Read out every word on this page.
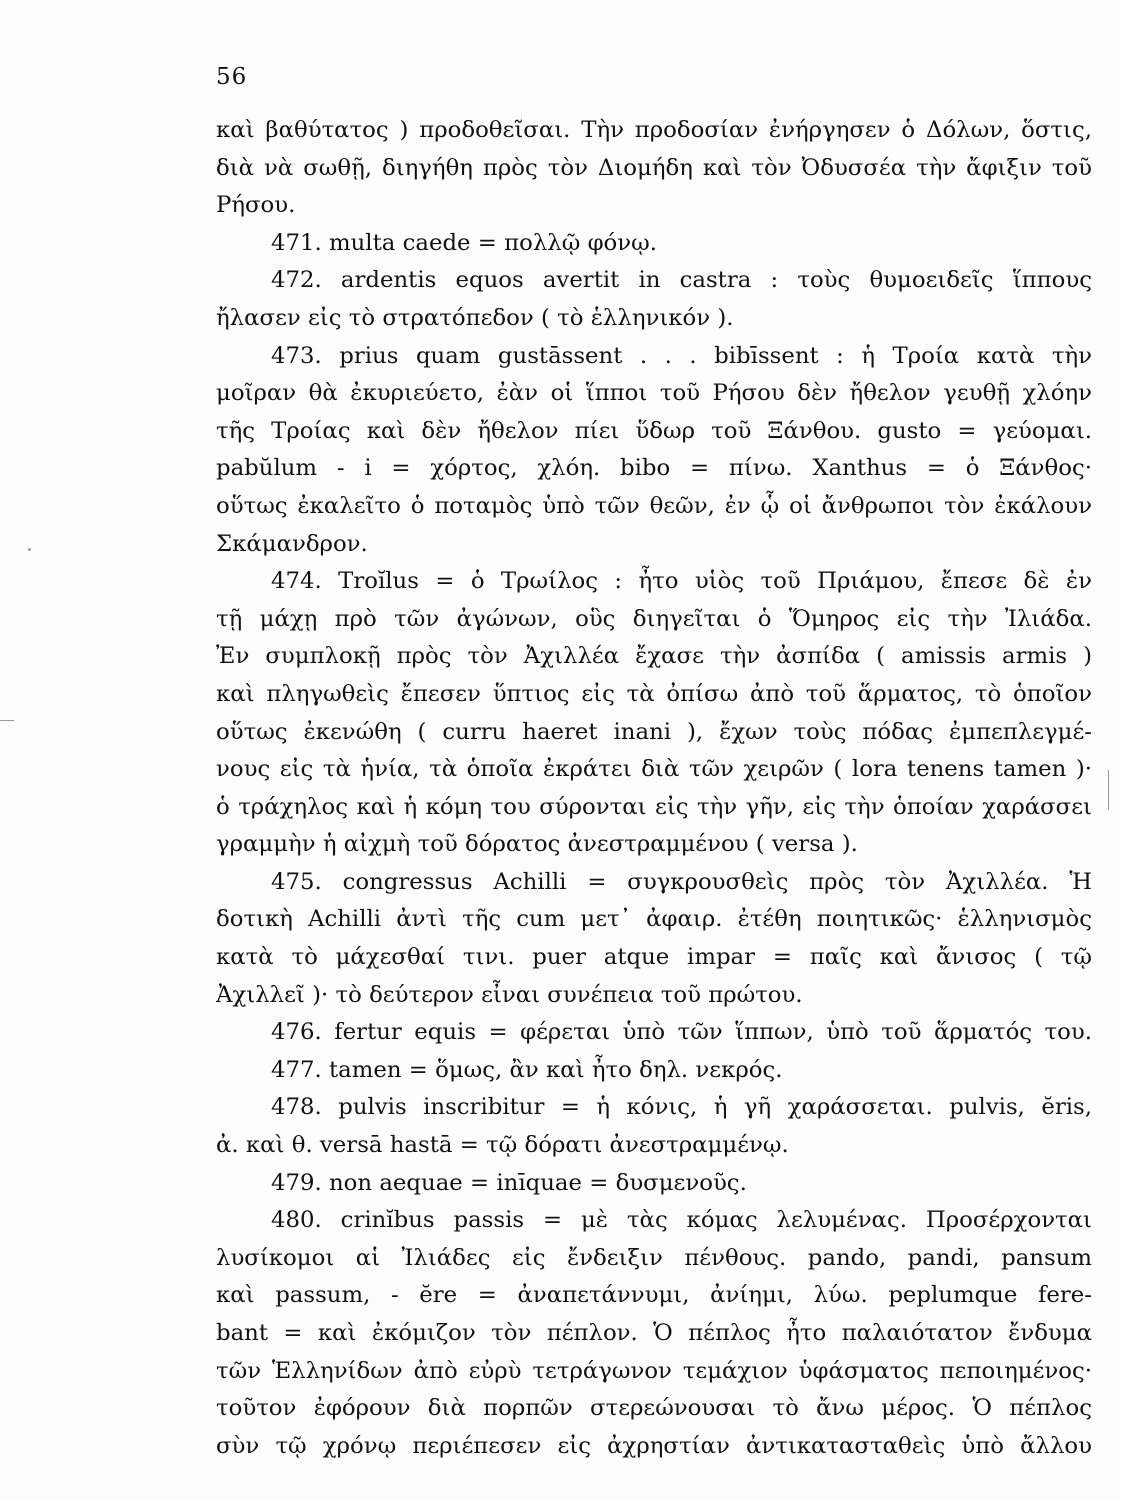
56
καὶ βαθύτατος ) προδοθεῖσαι. Τὴν προδοσίαν ἐνήργησεν ὁ Δόλων, ὅστις,
διὰ νὰ σωθῇ, διηγήθη πρὸς τὸν Διομήδη καὶ τὸν Ὀδυσσέα τὴν ἄφιξιν τοῦ
Ρήσου.
471. multa caede = πολλῷ φόνῳ.
472. ardentis equos avertit in castra : τοὺς θυμοειδεῖς ἵππους
ἤλασεν εἰς τὸ στρατόπεδον ( τὸ ἑλληνικόν ).
473. prius quam gustāssent . . . bibīssent : ἡ Τροία κατὰ τὴν
μοῖραν θὰ ἐκυριεύετο, ἐὰν οἱ ἵπποι τοῦ Ρήσου δὲν ἤθελον γευθῇ χλόην
τῆς Τροίας καὶ δὲν ἤθελον πίει ὕδωρ τοῦ Ξάνθου. gusto = γεύομαι.
pabŭlum - i = χόρτος, χλόη. bibo = πίνω. Xanthus = ὁ Ξάνθος·
οὕτως ἐκαλεῖτο ὁ ποταμὸς ὑπὸ τῶν θεῶν, ἐν ᾧ οἱ ἄνθρωποι τὸν ἐκάλουν
Σκάμανδρον.
474. Troĭlus = ὁ Τρωίλος : ἦτο υἱὸς τοῦ Πριάμου, ἔπεσε δὲ ἐν
τῇ μάχῃ πρὸ τῶν ἀγώνων, οὓς διηγεῖται ὁ Ὅμηρος εἰς τὴν Ἰλιάδα.
Ἐν συμπλοκῇ πρὸς τὸν Ἀχιλλέα ἔχασε τὴν ἀσπίδα ( amissis armis )
καὶ πληγωθεὶς ἔπεσεν ὕπτιος εἰς τὰ ὀπίσω ἀπὸ τοῦ ἅρματος, τὸ ὁποῖον
οὕτως ἐκενώθη ( curru haeret inani ), ἔχων τοὺς πόδας ἐμπεπλεγμέ-
νους εἰς τὰ ἡνία, τὰ ὁποῖα ἐκράτει διὰ τῶν χειρῶν ( lora tenens tamen )·
ὁ τράχηλος καὶ ἡ κόμη του σύρονται εἰς τὴν γῆν, εἰς τὴν ὁποίαν χαράσσει
γραμμὴν ἡ αἰχμὴ τοῦ δόρατος ἀνεστραμμένου ( versa ).
475. congressus Achilli = συγκρουσθεὶς πρὸς τὸν Ἀχιλλέα. Ἡ
δοτικὴ Achilli ἀντὶ τῆς cum μετ᾽ ἀφαιρ. ἐτέθη ποιητικῶς· ἑλληνισμὸς
κατὰ τὸ μάχεσθαί τινι. puer atque impar = παῖς καὶ ἄνισος ( τῷ
Ἀχιλλεῖ )· τὸ δεύτερον εἶναι συνέπεια τοῦ πρώτου.
476. fertur equis = φέρεται ὑπὸ τῶν ἵππων, ὑπὸ τοῦ ἅρματός του.
477. tamen = ὅμως, ἂν καὶ ἦτο δηλ. νεκρός.
478. pulvis inscribitur = ἡ κόνις, ἡ γῆ χαράσσεται. pulvis, ĕris,
ἀ. καὶ θ. versā hastā = τῷ δόρατι ἀνεστραμμένῳ.
479. non aequae = inīquae = δυσμενοῦς.
480. crinĭbus passis = μὲ τὰς κόμας λελυμένας. Προσέρχονται
λυσίκομοι αἱ Ἰλιάδες εἰς ἔνδειξιν πένθους. pando, pandi, pansum
καὶ passum, - ĕre = ἀναπετάννυμι, ἀνίημι, λύω. peplumque fere-
bant = καὶ ἐκόμιζον τὸν πέπλον. Ὁ πέπλος ἦτο παλαιότατον ἔνδυμα
τῶν Ἑλληνίδων ἀπὸ εὐρὺ τετράγωνον τεμάχιον ὑφάσματος πεποιημένος·
τοῦτον ἐφόρουν διὰ πορπῶν στερεώνουσαι τὸ ἄνω μέρος. Ὁ πέπλος
σὺν τῷ χρόνῳ περιέπεσεν εἰς ἀχρηστίαν ἀντικατασταθεὶς ὑπὸ ἄλλου
